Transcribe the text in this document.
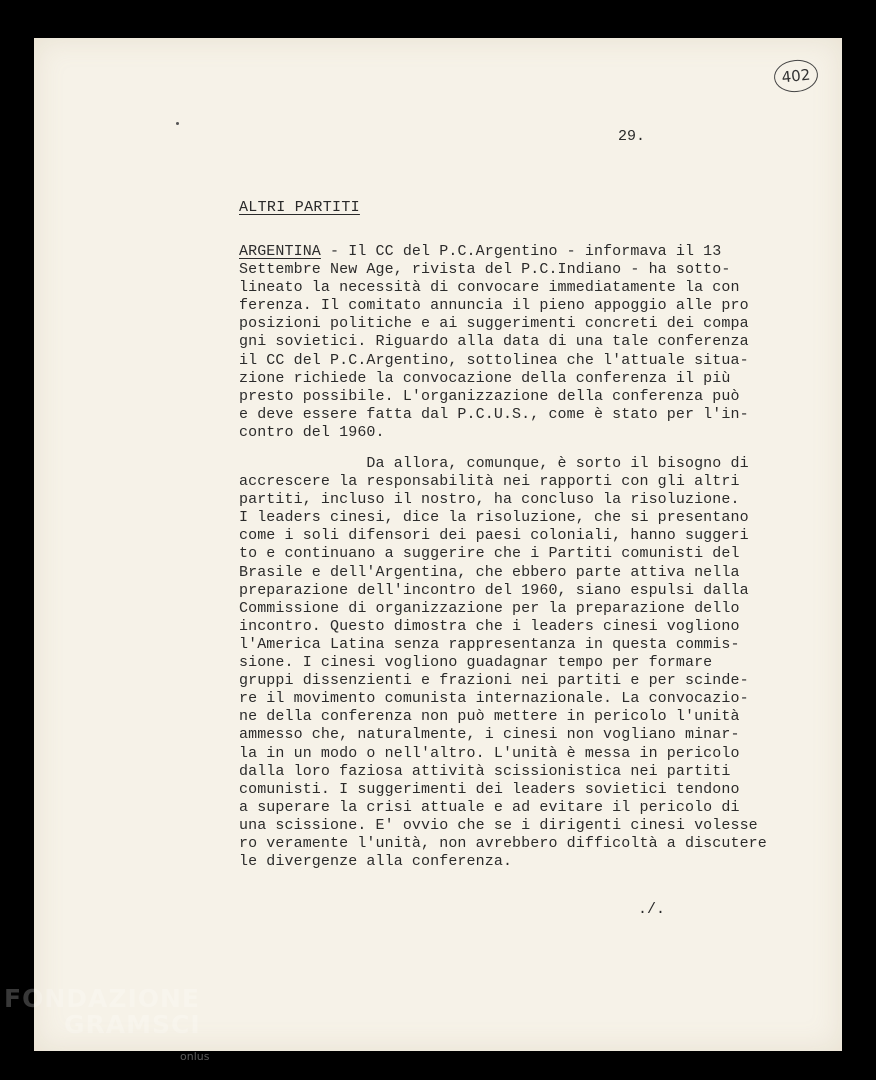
402
29.
ALTRI PARTITI

ARGENTINA - Il CC del P.C.Argentino - informava il 13
Settembre New Age, rivista del P.C.Indiano - ha sotto-
lineato la necessità di convocare immediatamente la con
ferenza. Il comitato annuncia il pieno appoggio alle pro
posizioni politiche e ai suggerimenti concreti dei compa
gni sovietici. Riguardo alla data di una tale conferenza
il CC del P.C.Argentino, sottolinea che l'attuale situa-
zione richiede la convocazione della conferenza il più
presto possibile. L'organizzazione della conferenza può
e deve essere fatta dal P.C.U.S., come è stato per l'in-
contro del 1960.

Da allora, comunque, è sorto il bisogno di
accrescere la responsabilità nei rapporti con gli altri
partiti, incluso il nostro, ha concluso la risoluzione.
I leaders cinesi, dice la risoluzione, che si presentano
come i soli difensori dei paesi coloniali, hanno suggeri
to e continuano a suggerire che i Partiti comunisti del
Brasile e dell'Argentina, che ebbero parte attiva nella
preparazione dell'incontro del 1960, siano espulsi dalla
Commissione di organizzazione per la preparazione dello
incontro. Questo dimostra che i leaders cinesi vogliono
l'America Latina senza rappresentanza in questa commis-
sione. I cinesi vogliono guadagnar tempo per formare
gruppi dissenzienti e frazioni nei partiti e per scinde-
re il movimento comunista internazionale. La convocazio-
ne della conferenza non può mettere in pericolo l'unità
ammesso che, naturalmente, i cinesi non vogliano minar-
la in un modo o nell'altro. L'unità è messa in pericolo
dalla loro faziosa attività scissionistica nei partiti
comunisti. I suggerimenti dei leaders sovietici tendono
a superare la crisi attuale e ad evitare il pericolo di
una scissione. E' ovvio che se i dirigenti cinesi volesse
ro veramente l'unità, non avrebbero difficoltà a discutere
le divergenze alla conferenza.

./.
FONDAZIONE
GRAMSCI
onlus
